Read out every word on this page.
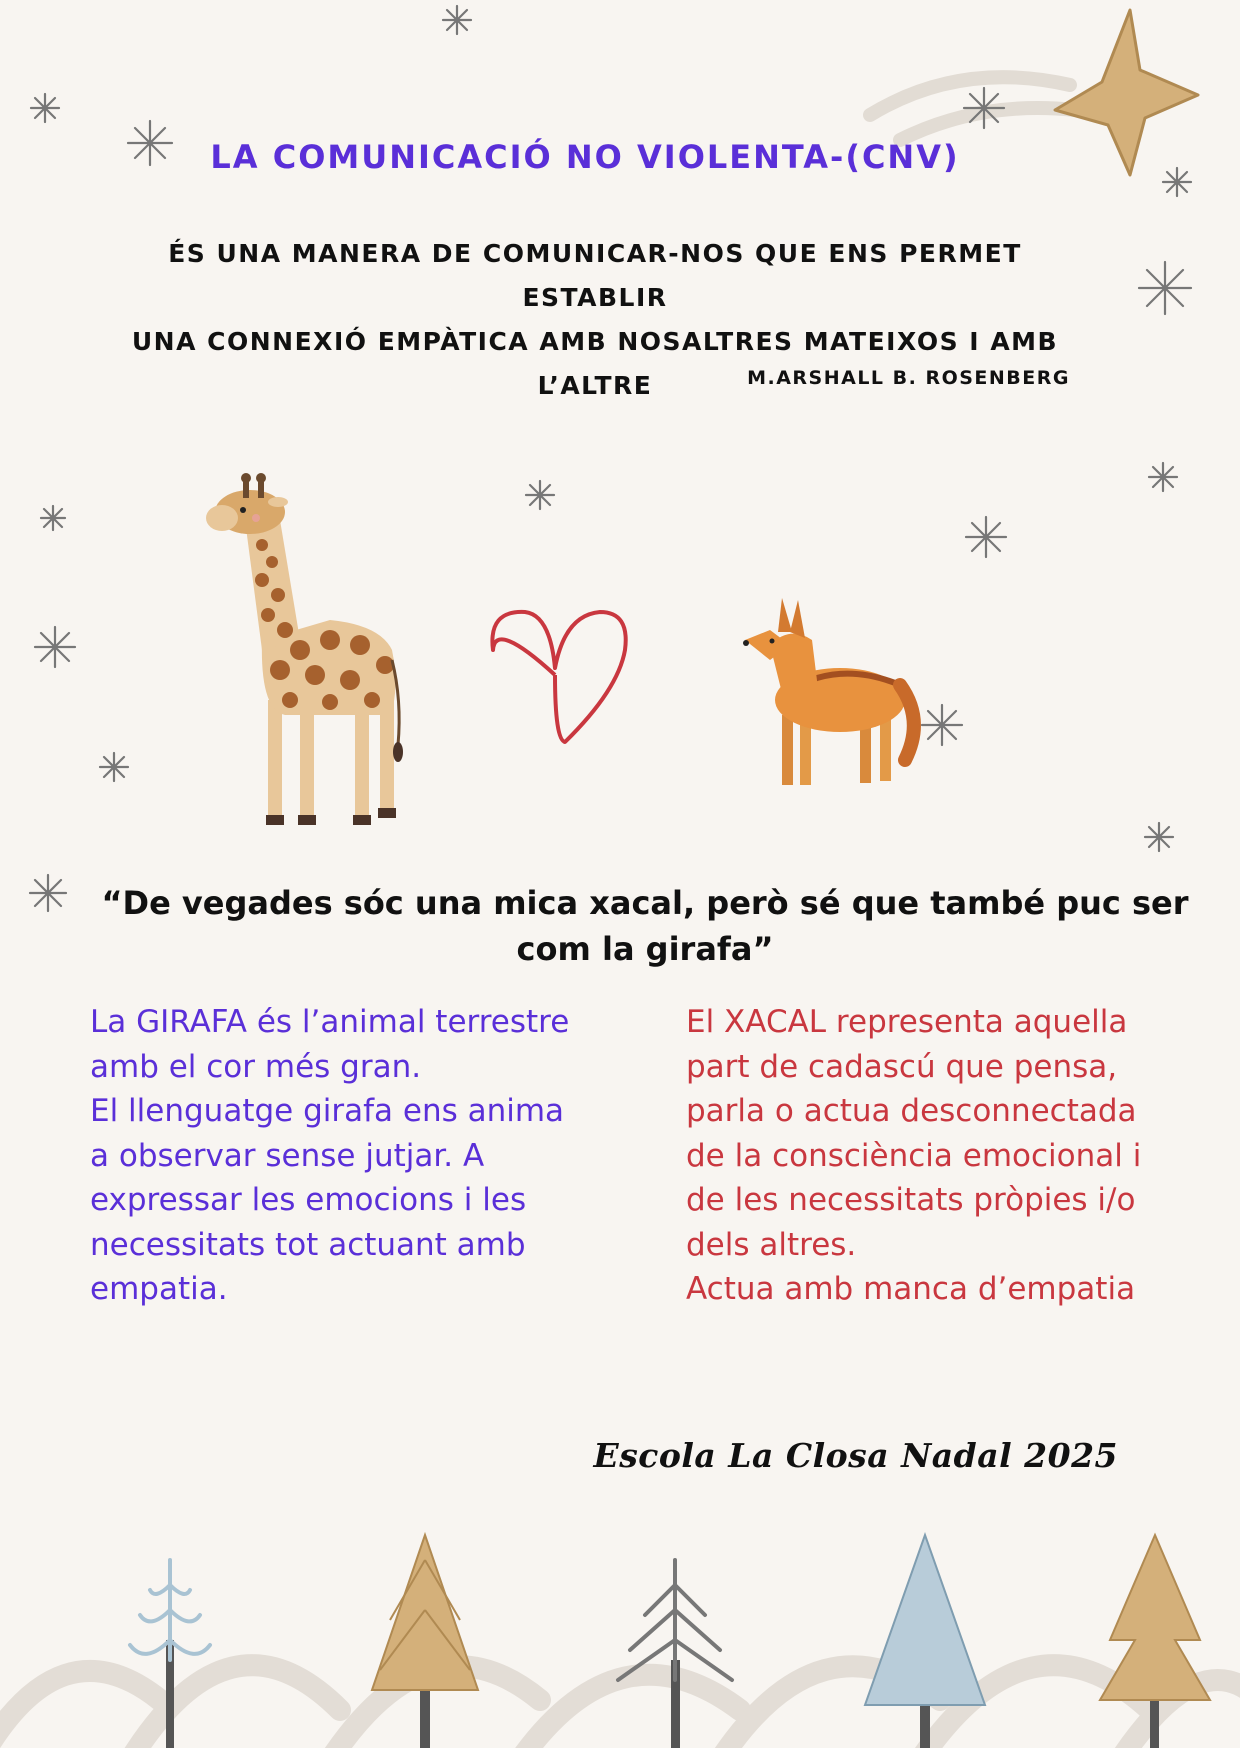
LA COMUNICACIÓ NO VIOLENTA-(CNV)
ÉS UNA MANERA DE COMUNICAR-NOS QUE ENS PERMET ESTABLIR
UNA CONNEXIÓ EMPÀTICA AMB NOSALTRES MATEIXOS I AMB
L’ALTRE	M.ARSHALL B. ROSENBERG
“De vegades sóc una mica xacal, però sé que també puc ser com la girafa”

La GIRAFA és l’animal terrestre

amb el cor més gran.

El llenguatge girafa ens anima

a observar sense jutjar. A

expressar les emocions i les

necessitats tot actuant amb

empatia.

El XACAL representa aquella

part de cadascú que pensa,

parla o actua desconnectada

de la consciència emocional i

de les necessitats pròpies i/o

dels altres.

Actua amb manca d’empatia

Escola La Closa Nadal 2025
